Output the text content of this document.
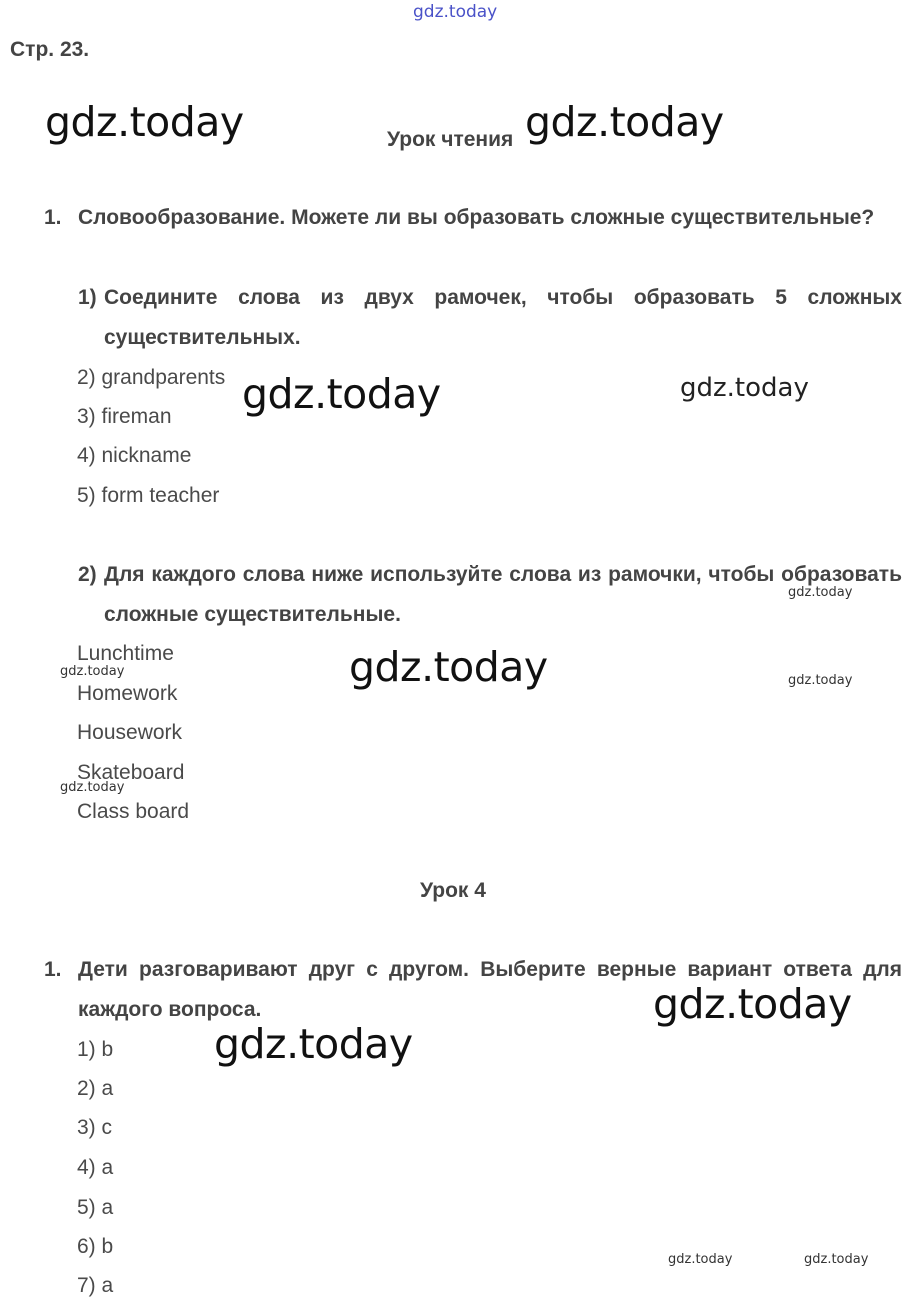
gdz.today
Стр. 23.
Урок чтения
1. Словообразование. Можете ли вы образовать сложные существительные?
1) Соедините слова из двух рамочек, чтобы образовать 5 сложных существительных.
2) grandparents
3) fireman
4) nickname
5) form teacher
2) Для каждого слова ниже используйте слова из рамочки, чтобы образовать сложные существительные.
Lunchtime
Homework
Housework
Skateboard
Class board
Урок 4
1. Дети разговаривают друг с другом. Выберите верные вариант ответа для каждого вопроса.
1) b
2) a
3) c
4) a
5) a
6) b
7) a
gdz.today	gdz.today
gdz.today	gdz.today
gdz.today
gdz.today
gdz.today
gdz.today
gdz.today
gdz.today
gdz.today
gdz.today	gdz.today
